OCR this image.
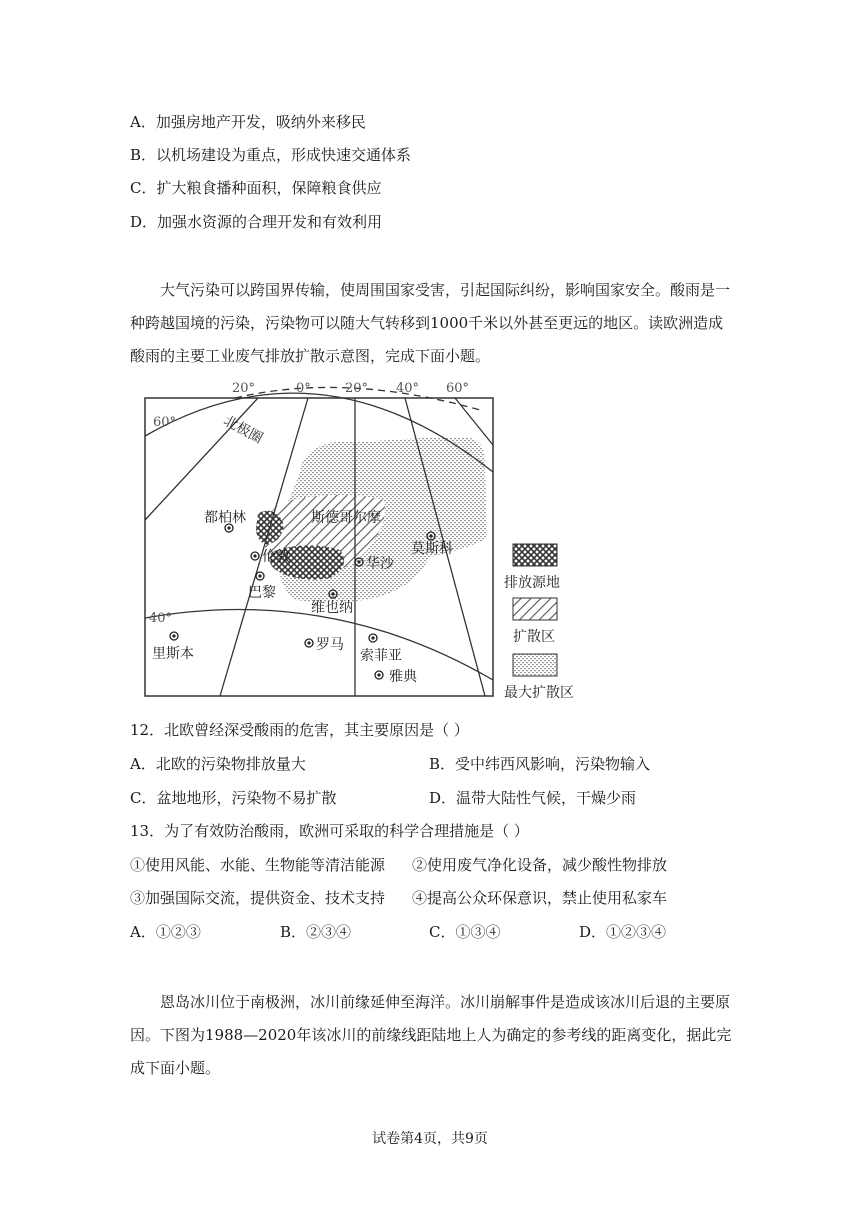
A．加强房地产开发，吸纳外来移民
B．以机场建设为重点，形成快速交通体系
C．扩大粮食播种面积，保障粮食供应
D．加强水资源的合理开发和有效利用

大气污染可以跨国界传输，使周围国家受害，引起国际纠纷，影响国家安全。酸雨是一种跨越国境的污染，污染物可以随大气转移到1000千米以外甚至更远的地区。读欧洲造成酸雨的主要工业废气排放扩散示意图，完成下面小题。

20°	0°	20° 40° 60°
60°
40°
北极圈
都柏林	斯德哥尔摩
伦敦	莫斯科
巴黎
华沙
维也纳
里斯本
罗马
索菲亚
雅典
排放源地
扩散区
最大扩散区
12．北欧曾经深受酸雨的危害，其主要原因是（ ）
A．北欧的污染物排放量大	B．受中纬西风影响，污染物输入
C．盆地地形，污染物不易扩散	D．温带大陆性气候，干燥少雨
13．为了有效防治酸雨，欧洲可采取的科学合理措施是（ ）
①使用风能、水能、生物能等清洁能源 ②使用废气净化设备，减少酸性物排放
③加强国际交流，提供资金、技术支持 ④提高公众环保意识，禁止使用私家车
A．①②③	B．②③④	C．①③④	D．①②③④

恩岛冰川位于南极洲，冰川前缘延伸至海洋。冰川崩解事件是造成该冰川后退的主要原因。下图为1988—2020年该冰川的前缘线距陆地上人为确定的参考线的距离变化，据此完成下面小题。

试卷第4页，共9页
